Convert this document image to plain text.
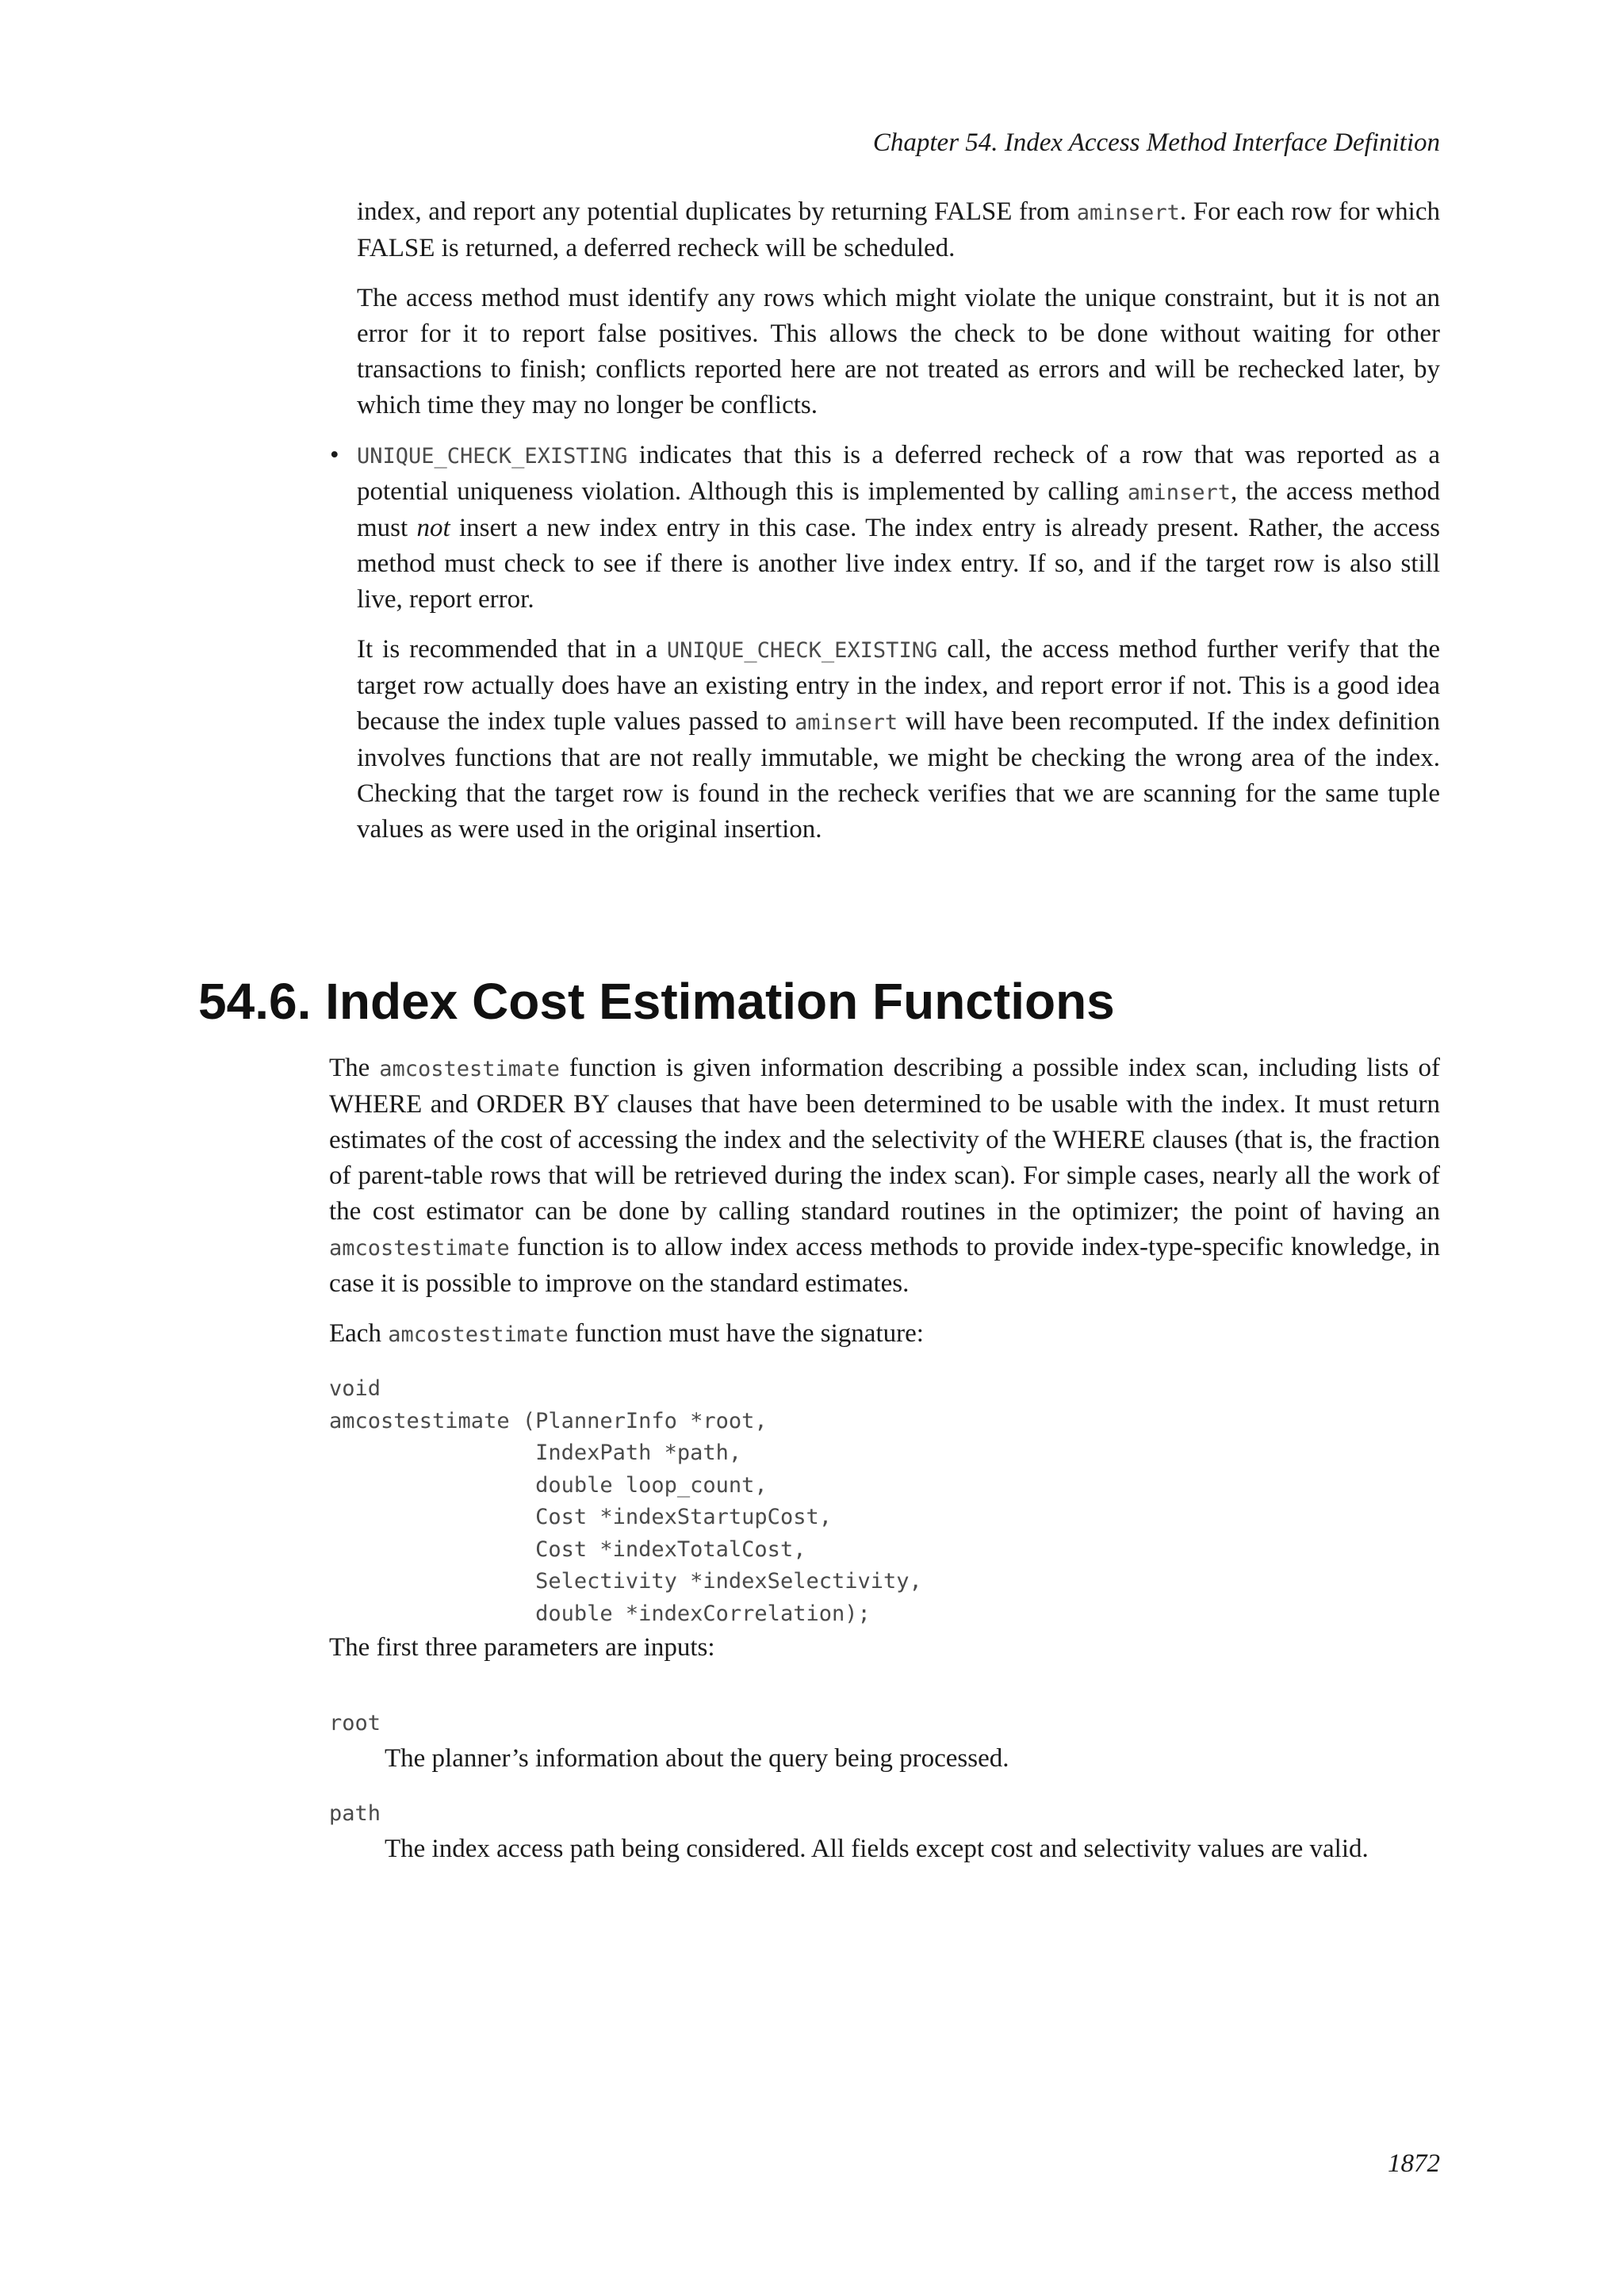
Chapter 54. Index Access Method Interface Definition

index, and report any potential duplicates by returning FALSE from aminsert. For each row for which FALSE is returned, a deferred recheck will be scheduled.

The access method must identify any rows which might violate the unique constraint, but it is not an error for it to report false positives. This allows the check to be done without waiting for other transactions to finish; conflicts reported here are not treated as errors and will be rechecked later, by which time they may no longer be conflicts.

• UNIQUE_CHECK_EXISTING indicates that this is a deferred recheck of a row that was reported as a potential uniqueness violation. Although this is implemented by calling aminsert, the access method must not insert a new index entry in this case. The index entry is already present. Rather, the access method must check to see if there is another live index entry. If so, and if the target row is also still live, report error.

It is recommended that in a UNIQUE_CHECK_EXISTING call, the access method further verify that the target row actually does have an existing entry in the index, and report error if not. This is a good idea because the index tuple values passed to aminsert will have been recomputed. If the index definition involves functions that are not really immutable, we might be checking the wrong area of the index. Checking that the target row is found in the recheck verifies that we are scanning for the same tuple values as were used in the original insertion.

54.6. Index Cost Estimation Functions

The amcostestimate function is given information describing a possible index scan, including lists of WHERE and ORDER BY clauses that have been determined to be usable with the index. It must return estimates of the cost of accessing the index and the selectivity of the WHERE clauses (that is, the fraction of parent-table rows that will be retrieved during the index scan). For simple cases, nearly all the work of the cost estimator can be done by calling standard routines in the optimizer; the point of having an amcostestimate function is to allow index access methods to provide index-type-specific knowledge, in case it is possible to improve on the standard estimates.

Each amcostestimate function must have the signature:

void
amcostestimate (PlannerInfo *root,
IndexPath *path,
double loop_count,
Cost *indexStartupCost,
Cost *indexTotalCost,
Selectivity *indexSelectivity,
double *indexCorrelation);

The first three parameters are inputs:

root
The planner’s information about the query being processed.
path
The index access path being considered. All fields except cost and selectivity values are valid.
1872
